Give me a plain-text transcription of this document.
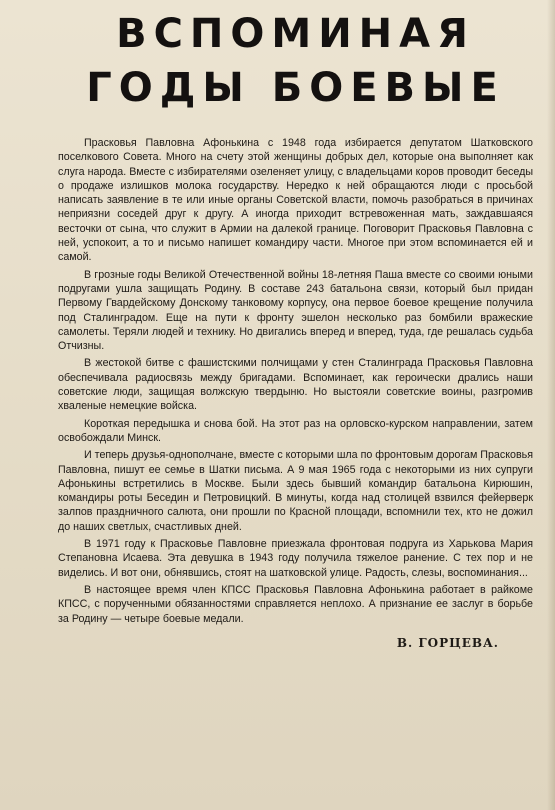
ВСПОМИНАЯ
ГОДЫ БОЕВЫЕ

Прасковья Павловна Афонькина с 1948 года избирается депутатом Шатковского поселкового Совета. Много на счету этой женщины добрых дел, которые она выполняет как слуга народа. Вместе с избирателями озеленяет улицу, с владельцами коров проводит беседы о продаже излишков молока государству. Нередко к ней обращаются люди с просьбой написать заявление в те или иные органы Советской власти, помочь разобраться в причинах неприязни соседей друг к другу. А иногда приходит встревоженная мать, заждавшаяся весточки от сына, что служит в Армии на далекой границе. Поговорит Прасковья Павловна с ней, успокоит, а то и письмо напишет командиру части. Многое при этом вспоминается ей и самой.

В грозные годы Великой Отечественной войны 18-летняя Паша вместе со своими юными подругами ушла защищать Родину. В составе 243 батальона связи, который был придан Первому Гвардейскому Донскому танковому корпусу, она первое боевое крещение получила под Сталинградом. Еще на пути к фронту эшелон несколько раз бомбили вражеские самолеты. Теряли людей и технику. Но двигались вперед и вперед, туда, где решалась судьба Отчизны.

В жестокой битве с фашистскими полчищами у стен Сталинграда Прасковья Павловна обеспечивала радиосвязь между бригадами. Вспоминает, как героически дрались наши советские люди, защищая волжскую твердыню. Но выстояли советские воины, разгромив хваленые немецкие войска.

Короткая передышка и снова бой. На этот раз на орловско-курском направлении, затем освобождали Минск.

И теперь друзья-однополчане, вместе с которыми шла по фронтовым дорогам Прасковья Павловна, пишут ее семье в Шатки письма. А 9 мая 1965 года с некоторыми из них супруги Афонькины встретились в Москве. Были здесь бывший командир батальона Кирюшин, командиры роты Беседин и Петровицкий. В минуты, когда над столицей взвился фейерверк залпов праздничного салюта, они прошли по Красной площади, вспомнили тех, кто не дожил до наших светлых, счастливых дней.

В 1971 году к Прасковье Павловне приезжала фронтовая подруга из Харькова Мария Степановна Исаева. Эта девушка в 1943 году получила тяжелое ранение. С тех пор и не виделись. И вот они, обнявшись, стоят на шатковской улице. Радость, слезы, воспоминания...

В настоящее время член КПСС Прасковья Павловна Афонькина работает в райкоме КПСС, с порученными обязанностями справляется неплохо. А признание ее заслуг в борьбе за Родину — четыре боевые медали.

В. ГОРЦЕВА.
